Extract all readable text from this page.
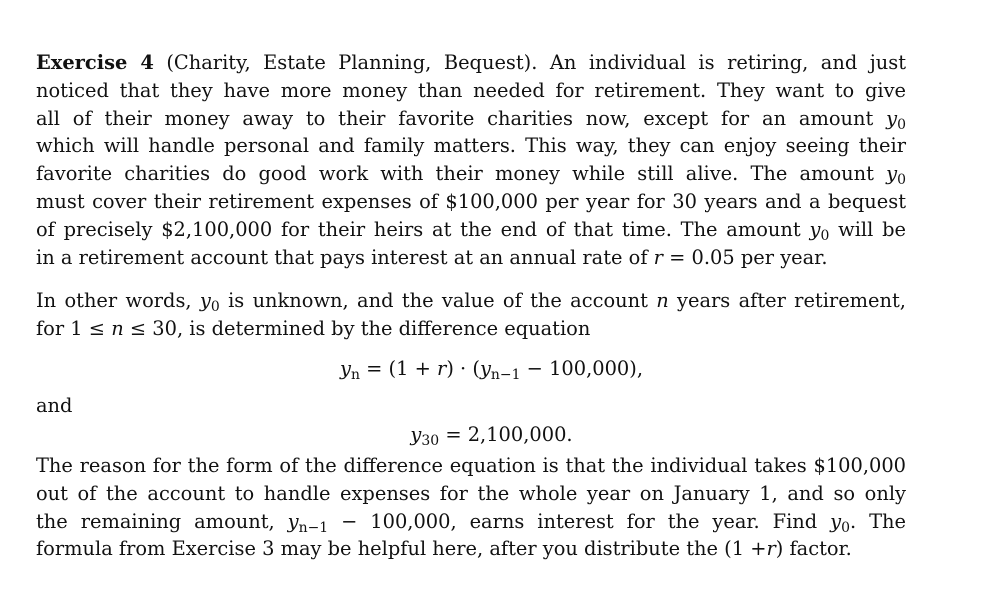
Exercise 4 (Charity, Estate Planning, Bequest). An individual is retiring, and just
noticed that they have more money than needed for retirement. They want to give
all of their money away to their favorite charities now, except for an amount $y_0$
which will handle personal and family matters. This way, they can enjoy seeing their
favorite charities do good work with their money while still alive. The amount $y_0$
must cover their retirement expenses of $100,000 per year for 30 years and a bequest
of precisely $2,100,000 for their heirs at the end of that time. The amount $y_0$ will be
in a retirement account that pays interest at an annual rate of r = 0.05 per year.

In other words, $y_0$ is unknown, and the value of the account n years after retirement,
for 1 ≤ n ≤ 30, is determined by the difference equation

$y_n = (1 + r) \cdot (y_{n-1} - 100,000)$,
and
$y_{30} = 2,100,000$.

The reason for the form of the difference equation is that the individual takes $100,000
out of the account to handle expenses for the whole year on January 1, and so only
the remaining amount, $y_{n-1} - 100,000$, earns interest for the year. Find $y_0$. The
formula from Exercise 3 may be helpful here, after you distribute the (1 +r) factor.
